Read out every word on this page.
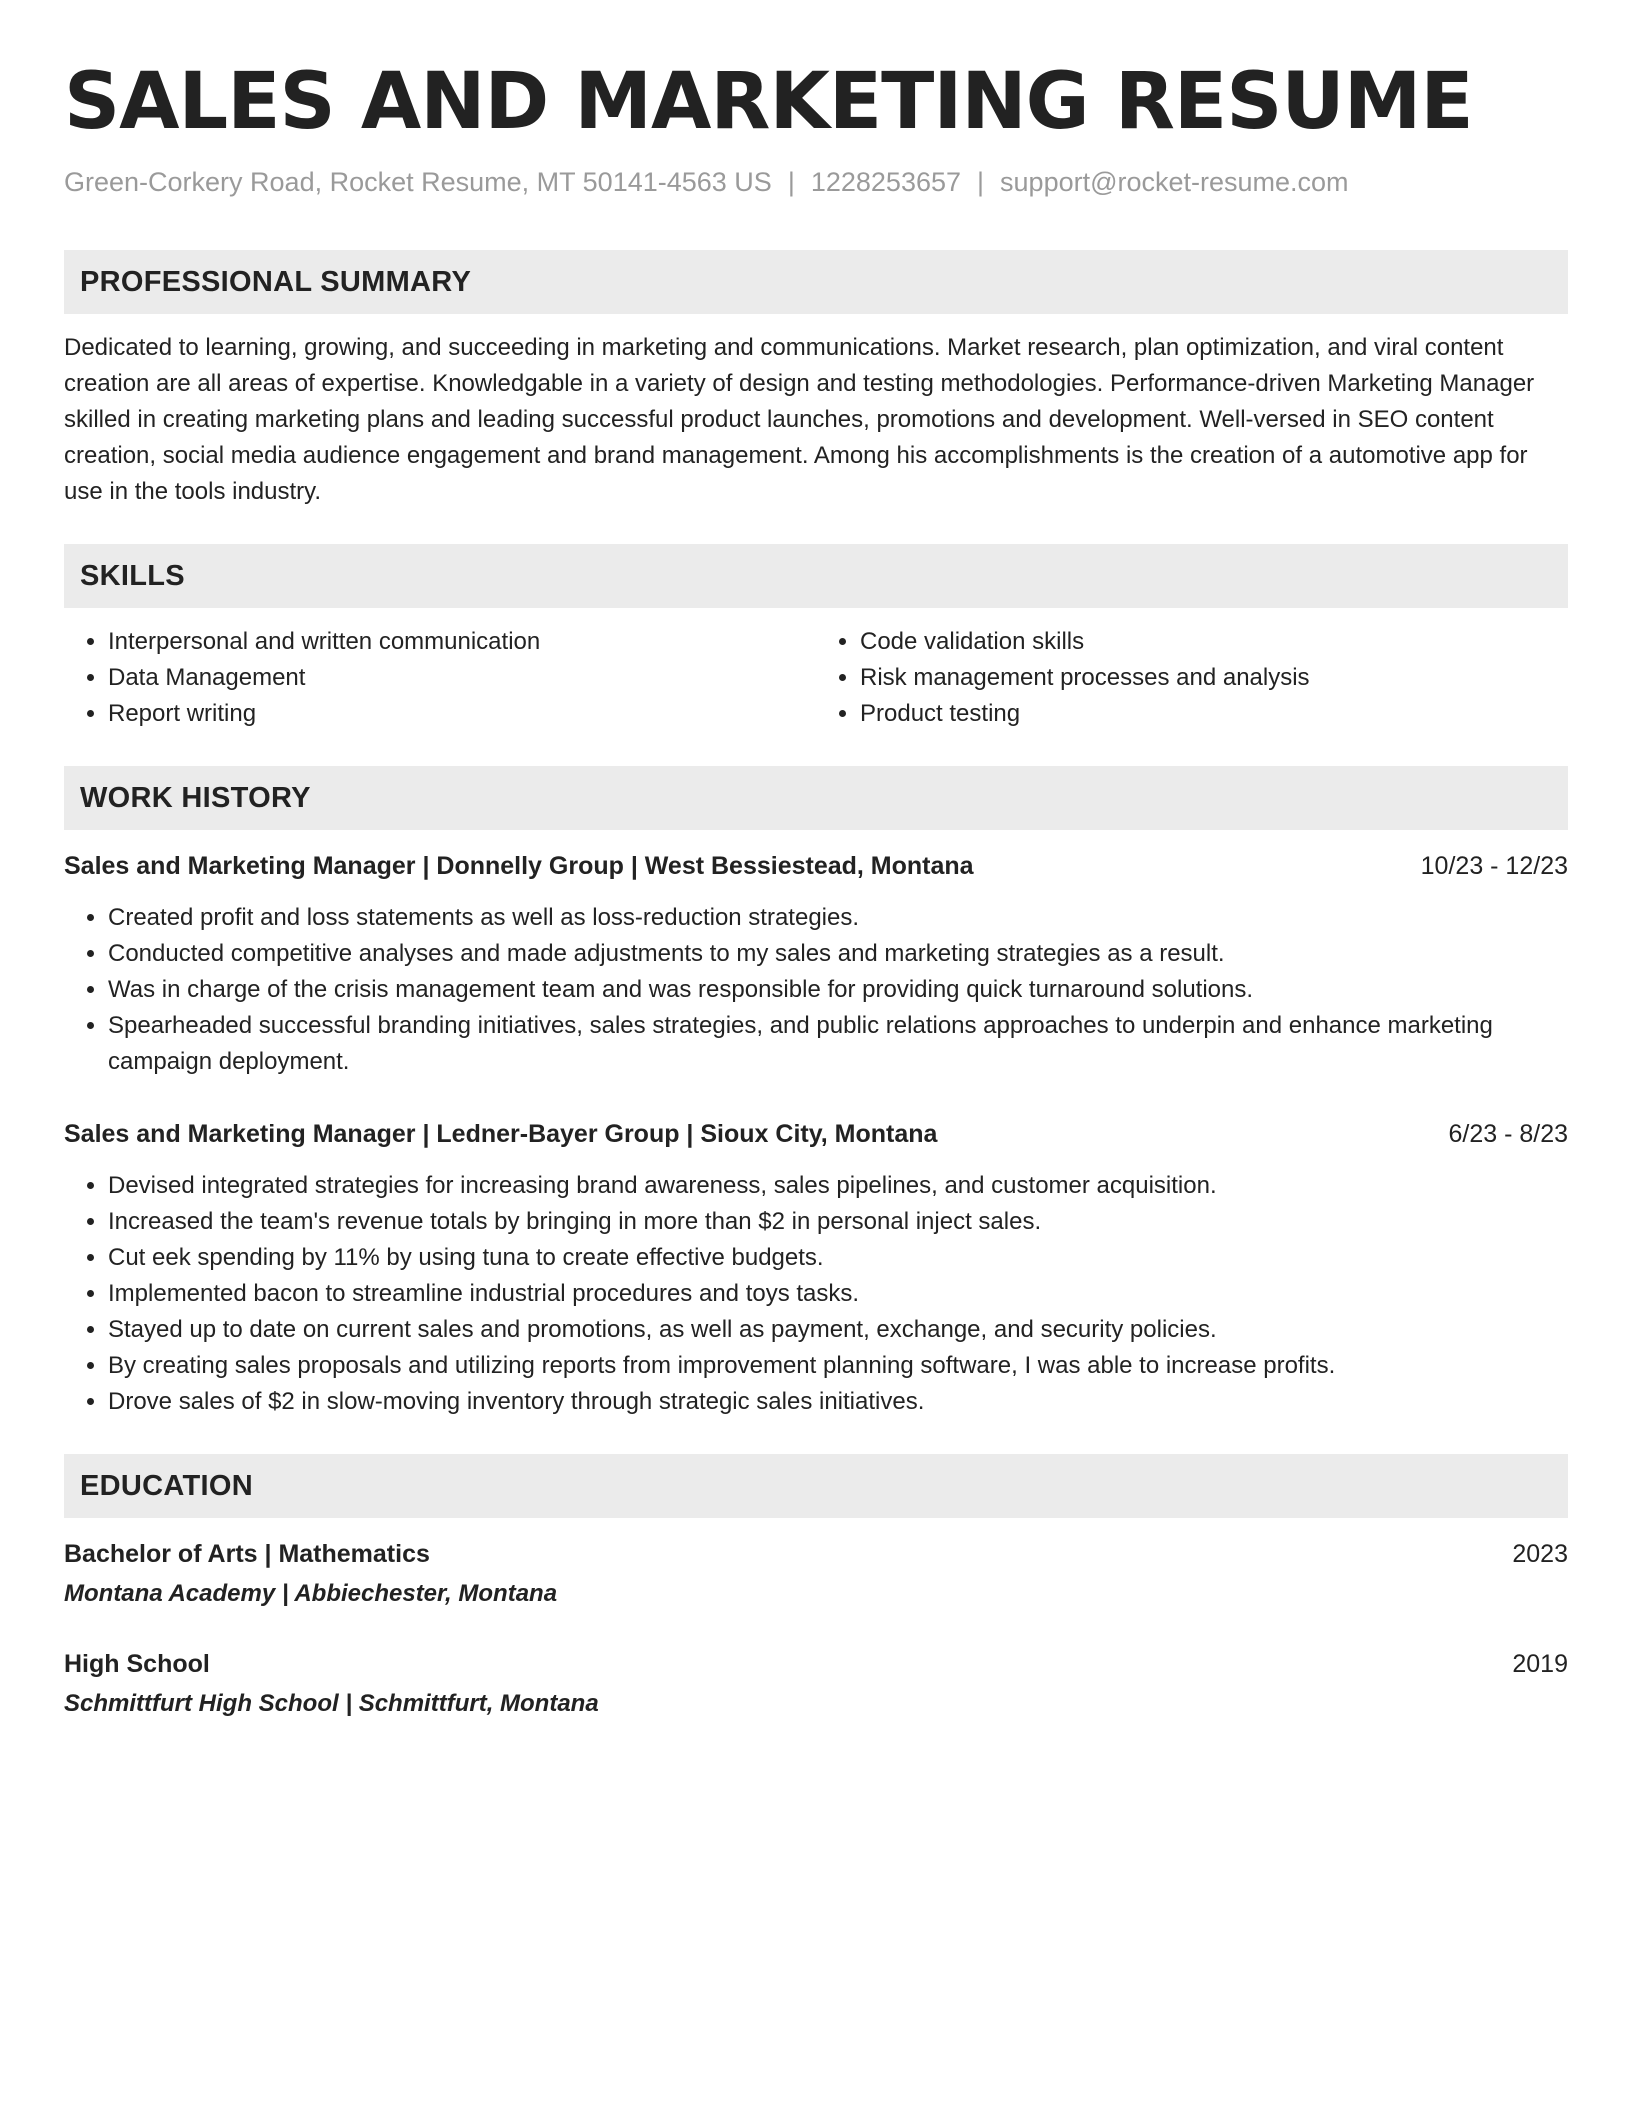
SALES AND MARKETING RESUME
Green-Corkery Road, Rocket Resume, MT 50141-4563 US | 1228253657 | support@rocket-resume.com
PROFESSIONAL SUMMARY
Dedicated to learning, growing, and succeeding in marketing and communications. Market research, plan optimization, and viral content creation are all areas of expertise. Knowledgable in a variety of design and testing methodologies. Performance-driven Marketing Manager skilled in creating marketing plans and leading successful product launches, promotions and development. Well-versed in SEO content creation, social media audience engagement and brand management. Among his accomplishments is the creation of a automotive app for use in the tools industry.
SKILLS
• Interpersonal and written communication
• Data Management
• Report writing
• Code validation skills
• Risk management processes and analysis
• Product testing
WORK HISTORY
Sales and Marketing Manager | Donnelly Group | West Bessiestead, Montana	10/23 - 12/23
• Created profit and loss statements as well as loss-reduction strategies.
• Conducted competitive analyses and made adjustments to my sales and marketing strategies as a result.
• Was in charge of the crisis management team and was responsible for providing quick turnaround solutions.
• Spearheaded successful branding initiatives, sales strategies, and public relations approaches to underpin and enhance marketing campaign deployment.
Sales and Marketing Manager | Ledner-Bayer Group | Sioux City, Montana	6/23 - 8/23
• Devised integrated strategies for increasing brand awareness, sales pipelines, and customer acquisition.
• Increased the team's revenue totals by bringing in more than $2 in personal inject sales.
• Cut eek spending by 11% by using tuna to create effective budgets.
• Implemented bacon to streamline industrial procedures and toys tasks.
• Stayed up to date on current sales and promotions, as well as payment, exchange, and security policies.
• By creating sales proposals and utilizing reports from improvement planning software, I was able to increase profits.
• Drove sales of $2 in slow-moving inventory through strategic sales initiatives.
EDUCATION
Bachelor of Arts | Mathematics	2023
Montana Academy | Abbiechester, Montana
High School	2019
Schmittfurt High School | Schmittfurt, Montana
